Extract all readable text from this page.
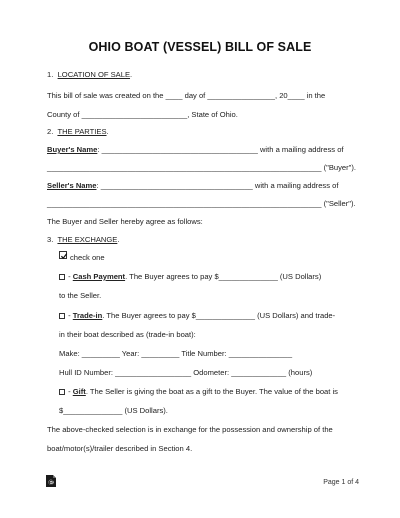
OHIO BOAT (VESSEL) BILL OF SALE
1. LOCATION OF SALE.
This bill of sale was created on the ____ day of ________________, 20____ in the
County of _________________________, State of Ohio.
2. THE PARTIES.
Buyer's Name: _____________________________________ with a mailing address of
_________________________________________________________________ ("Buyer").
Seller's Name: ____________________________________ with a mailing address of
_________________________________________________________________ ("Seller").
The Buyer and Seller hereby agree as follows:
3. THE EXCHANGE.
check one
- Cash Payment. The Buyer agrees to pay $______________ (US Dollars)
to the Seller.
- Trade-in. The Buyer agrees to pay $______________ (US Dollars) and trade-
in their boat described as (trade-in boat):
Make: _________ Year: _________ Title Number: _______________
Hull ID Number: __________________ Odometer: _____________ (hours)
- Gift. The Seller is giving the boat as a gift to the Buyer. The value of the boat is
$______________ (US Dollars).
The above-checked selection is in exchange for the possession and ownership of the
boat/motor(s)/trailer described in Section 4.
Page 1 of 4
